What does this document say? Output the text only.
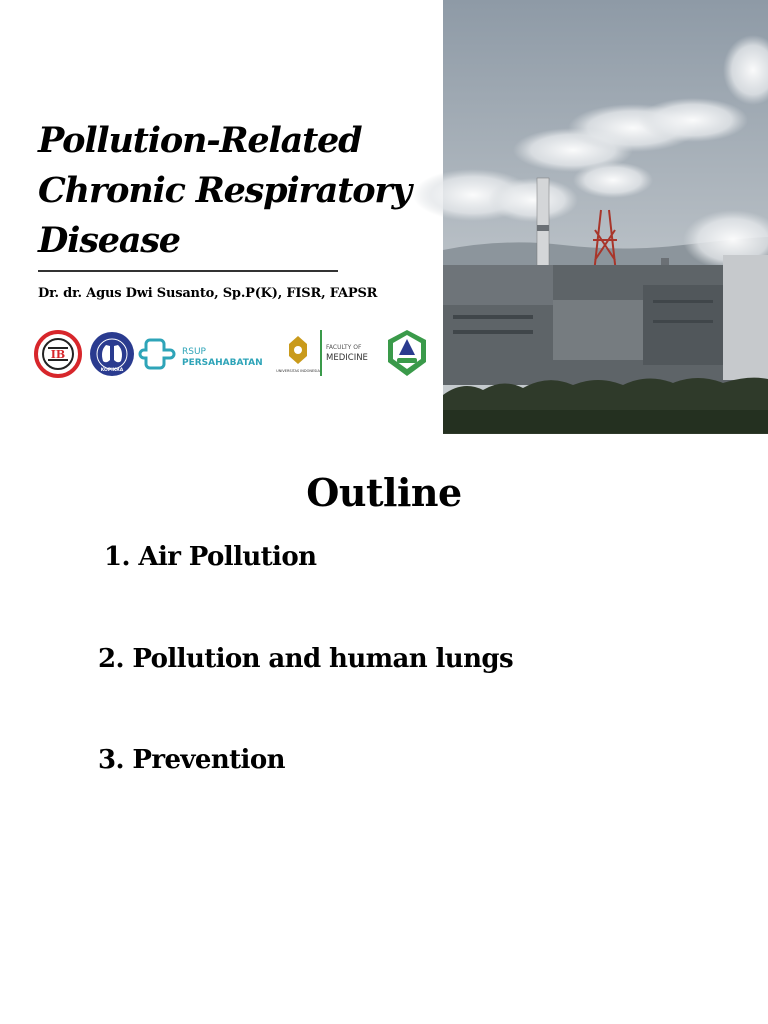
Pollution-Related
Chronic Respiratory
Disease
Dr. dr. Agus Dwi Susanto, Sp.P(K), FISR, FAPSR
IB
KOPIKRA
RSUP
PERSAHABATAN
UNIVERSITAS INDONESIA
FACULTY OF
MEDICINE
Outline
1. Air Pollution
2. Pollution and human lungs
3. Prevention
